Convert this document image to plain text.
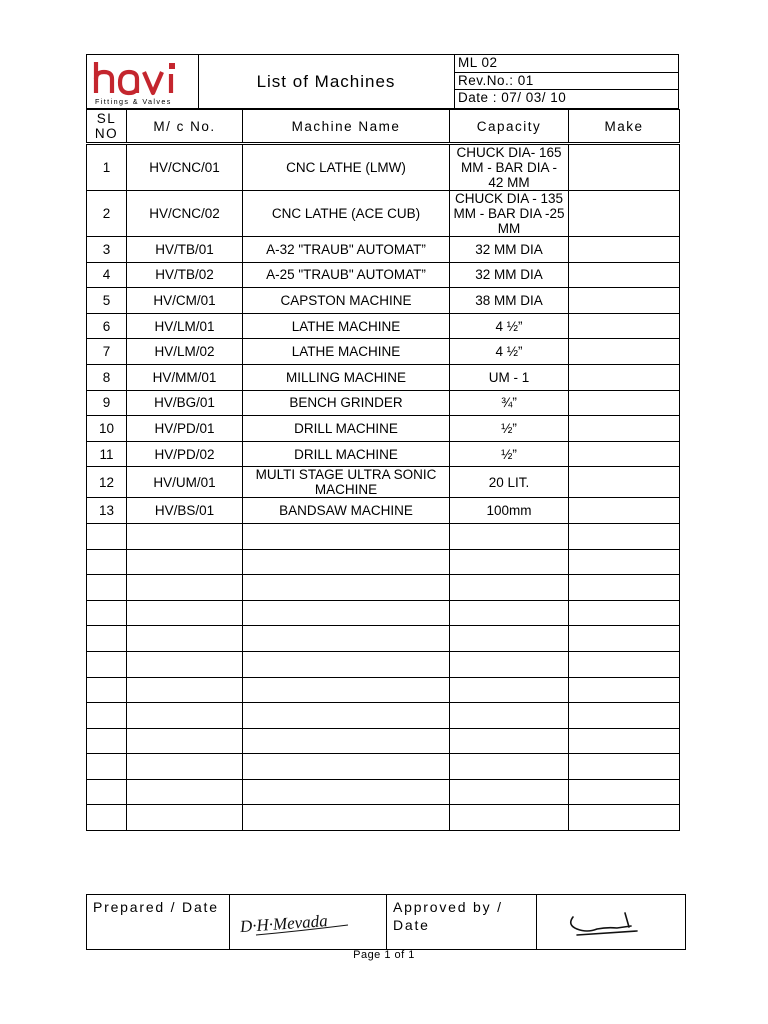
Fittings & Valves
List of Machines
ML 02
Rev.No.: 01
Date : 07/ 03/ 10
SL NO	M/ c No.	Machine Name	Capacity	Make
1	HV/CNC/01	CNC LATHE (LMW)	CHUCK DIA- 165 MM - BAR DIA - 42 MM	
2	HV/CNC/02	CNC LATHE (ACE CUB)	CHUCK DIA - 135 MM - BAR DIA -25 MM	
3	HV/TB/01	A-32 "TRAUB" AUTOMAT”	32 MM DIA	
4	HV/TB/02	A-25 "TRAUB" AUTOMAT”	32 MM DIA	
5	HV/CM/01	CAPSTON MACHINE	38 MM DIA	
6	HV/LM/01	LATHE MACHINE	4 ½”	
7	HV/LM/02	LATHE MACHINE	4 ½”	
8	HV/MM/01	MILLING MACHINE	UM - 1	
9	HV/BG/01	BENCH GRINDER	¾”	
10	HV/PD/01	DRILL MACHINE	½”	
11	HV/PD/02	DRILL MACHINE	½”	
12	HV/UM/01	MULTI STAGE ULTRA SONIC MACHINE	20 LIT.	
13	HV/BS/01	BANDSAW MACHINE	100mm	

Prepared / Date
D·H·Mevada
Approved by / Date
Page 1 of 1
